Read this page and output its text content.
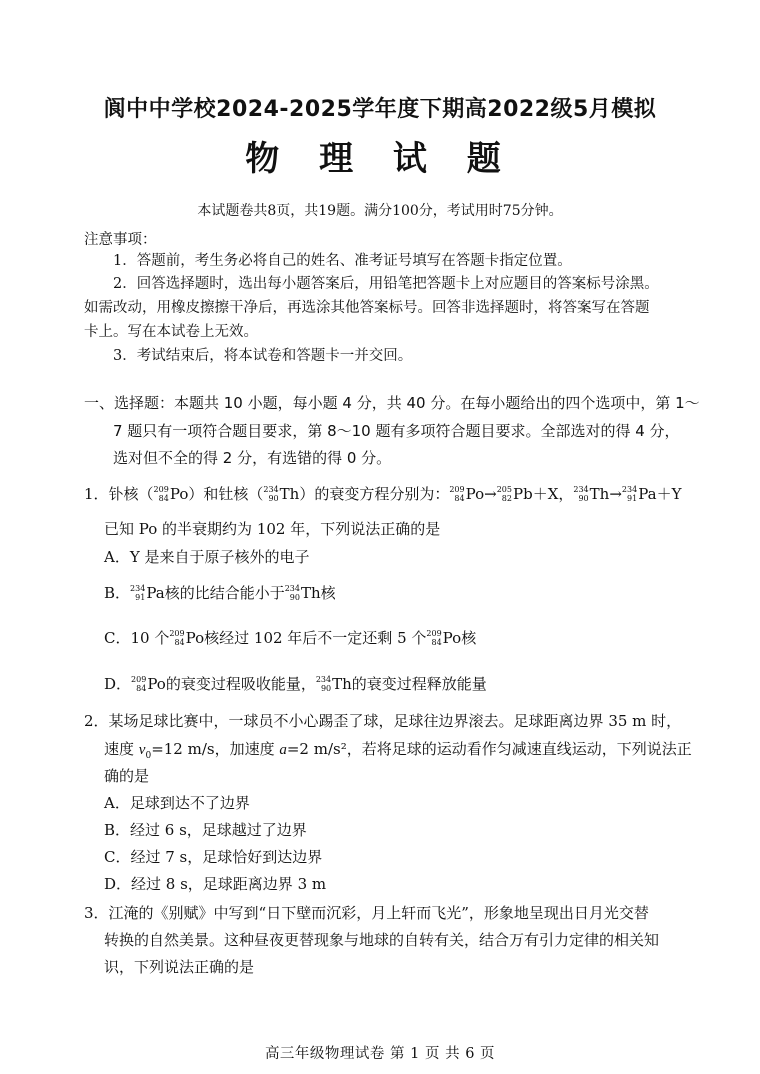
阆中中学校2024-2025学年度下期高2022级5月模拟
物 理 试 题
本试题卷共8页，共19题。满分100分，考试用时75分钟。
注意事项：
1．答题前，考生务必将自己的姓名、准考证号填写在答题卡指定位置。
2．回答选择题时，选出每小题答案后，用铅笔把答题卡上对应题目的答案标号涂黑。
如需改动，用橡皮擦擦干净后，再选涂其他答案标号。回答非选择题时，将答案写在答题
卡上。写在本试卷上无效。
3．考试结束后，将本试卷和答题卡一并交回。
一、选择题：本题共 10 小题，每小题 4 分，共 40 分。在每小题给出的四个选项中，第 1～
7 题只有一项符合题目要求，第 8～10 题有多项符合题目要求。全部选对的得 4 分，
选对但不全的得 2 分，有选错的得 0 分。
1．钋核（ 209
84 Po）和钍核（ 234
90 Th）的衰变方程分别为： 209
84 Po→ 205
82 Pb＋X， 234
90 Th→ 234
91 Pa＋Y
已知 Po 的半衰期约为 102 年，下列说法正确的是
A．Y 是来自于原子核外的电子
B． 234
91 Pa核的比结合能小于 234
90 Th核
C．10 个 209
84 Po核经过 102 年后不一定还剩 5 个 209
84 Po核
D． 209
84 Po的衰变过程吸收能量， 234
90 Th的衰变过程释放能量
2．某场足球比赛中，一球员不小心踢歪了球，足球往边界滚去。足球距离边界 35 m 时，
速度 $v_0=12$ m/s，加速度 a=2 m/s²，若将足球的运动看作匀减速直线运动，下列说法正
确的是
A．足球到达不了边界
B．经过 6 s，足球越过了边界
C．经过 7 s，足球恰好到达边界
D．经过 8 s，足球距离边界 3 m
3．江淹的《别赋》中写到“日下壁而沉彩，月上轩而飞光”，形象地呈现出日月光交替
转换的自然美景。这种昼夜更替现象与地球的自转有关，结合万有引力定律的相关知
识，下列说法正确的是
高三年级物理试卷 第 1 页 共 6 页
